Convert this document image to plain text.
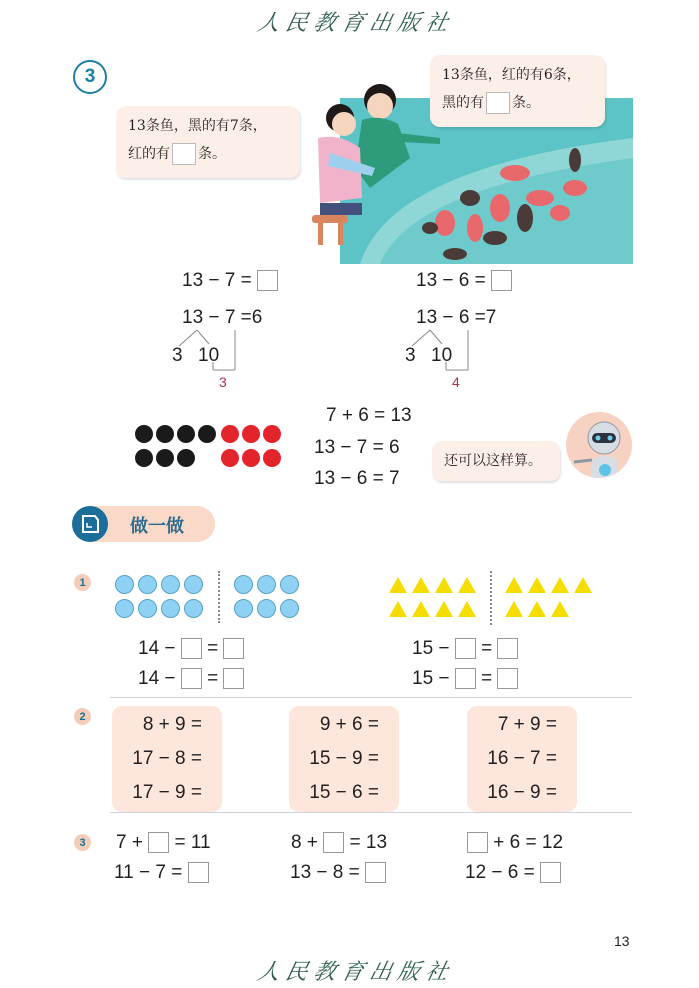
人民教育出版社
3
13条鱼，黑的有7条，
红的有 条。
13条鱼，红的有6条，
黑的有 条。
13 − 7 =
13 − 7 =6
3 10
3
13 − 6 =
13 − 6 =7
3 10
4
7 + 6 = 13
13 − 7 = 6
13 − 6 = 7
还可以这样算。
做一做
1
14 −  =
14 −  =
15 −  =
15 −  =
2	8 + 9 =
17 − 8 =
17 − 9 =
9 + 6 =
15 − 9 =
15 − 6 =
7 + 9 =
16 − 7 =
16 − 9 =
3 7 + = 11
11 − 7 =
8 + = 13
13 − 8 =
+ 6 = 12
12 − 6 =
13
人民教育出版社
